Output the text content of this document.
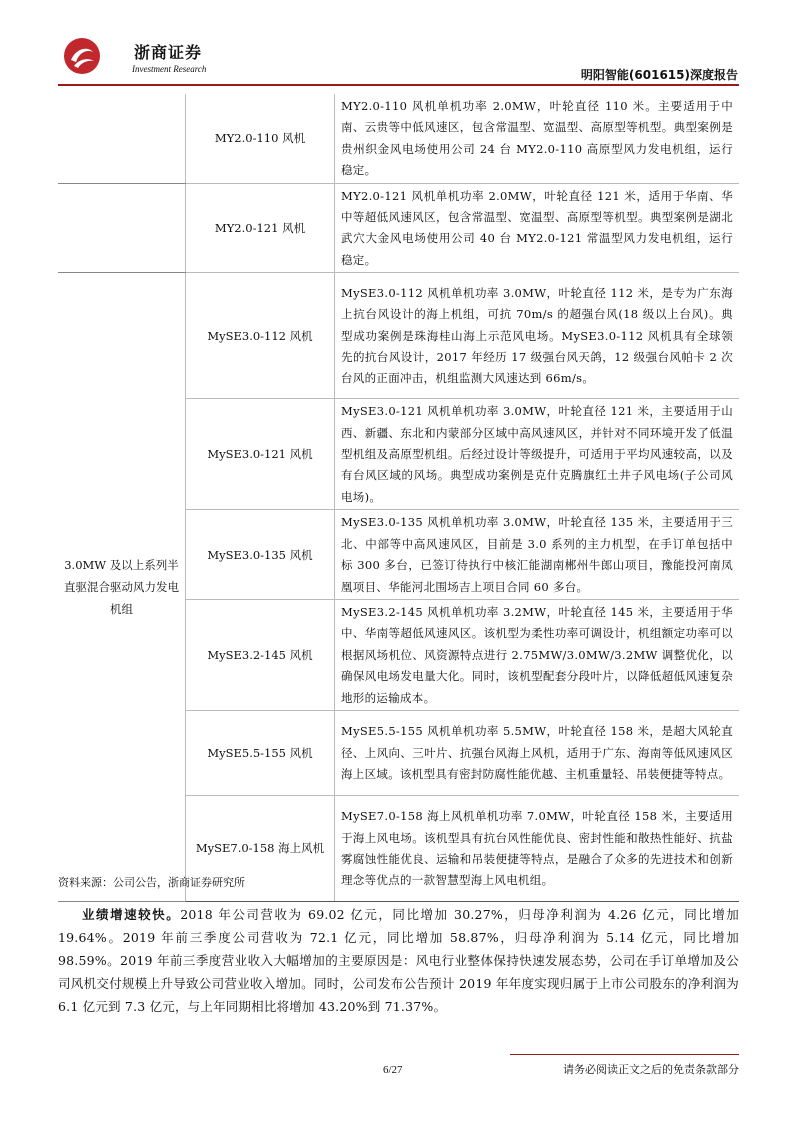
浙商证券
Investment Research	明阳智能(601615)深度报告
	MY2.0-110 风机	MY2.0-110 风机单机功率 2.0MW，叶轮直径 110 米。主要适用于中南、云贵等中低风速区，包含常温型、宽温型、高原型等机型。典型案例是贵州织金风电场使用公司 24 台 MY2.0-110 高原型风力发电机组，运行稳定。
	MY2.0-121 风机	MY2.0-121 风机单机功率 2.0MW，叶轮直径 121 米，适用于华南、华中等超低风速风区，包含常温型、宽温型、高原型等机型。典型案例是湖北武穴大金风电场使用公司 40 台 MY2.0-121 常温型风力发电机组，运行稳定。
3.0MW 及以上系列半直驱混合驱动风力发电机组	MySE3.0-112 风机	MySE3.0-112 风机单机功率 3.0MW，叶轮直径 112 米，是专为广东海上抗台风设计的海上机组，可抗 70m/s 的超强台风(18 级以上台风)。典型成功案例是珠海桂山海上示范风电场。MySE3.0-112 风机具有全球领先的抗台风设计，2017 年经历 17 级强台风天鸽，12 级强台风帕卡 2 次台风的正面冲击，机组监测大风速达到 66m/s。
	MySE3.0-121 风机	MySE3.0-121 风机单机功率 3.0MW，叶轮直径 121 米，主要适用于山西、新疆、东北和内蒙部分区域中高风速风区，并针对不同环境开发了低温型机组及高原型机组。后经过设计等级提升，可适用于平均风速较高，以及有台风区域的风场。典型成功案例是克什克腾旗红土井子风电场(子公司风电场)。
	MySE3.0-135 风机	MySE3.0-135 风机单机功率 3.0MW，叶轮直径 135 米，主要适用于三北、中部等中高风速风区，目前是 3.0 系列的主力机型，在手订单包括中标 300 多台，已签订待执行中核汇能湖南郴州牛郎山项目，豫能投河南凤凰项目、华能河北围场吉上项目合同 60 多台。
	MySE3.2-145 风机	MySE3.2-145 风机单机功率 3.2MW，叶轮直径 145 米，主要适用于华中、华南等超低风速风区。该机型为柔性功率可调设计，机组额定功率可以根据风场机位、风资源特点进行 2.75MW/3.0MW/3.2MW 调整优化，以确保风电场发电量大化。同时，该机型配套分段叶片，以降低超低风速复杂地形的运输成本。
	MySE5.5-155 风机	MySE5.5-155 风机单机功率 5.5MW，叶轮直径 158 米，是超大风轮直径、上风向、三叶片、抗强台风海上风机，适用于广东、海南等低风速风区海上区域。该机型具有密封防腐性能优越、主机重量轻、吊装便捷等特点。
	MySE7.0-158 海上风机	MySE7.0-158 海上风机单机功率 7.0MW，叶轮直径 158 米，主要适用于海上风电场。该机型具有抗台风性能优良、密封性能和散热性能好、抗盐雾腐蚀性能优良、运输和吊装便捷等特点，是融合了众多的先进技术和创新理念等优点的一款智慧型海上风电机组。
资料来源：公司公告，浙商证券研究所

业绩增速较快。2018 年公司营收为 69.02 亿元，同比增加 30.27%，归母净利润为 4.26 亿元，同比增加 19.64%。2019 年前三季度公司营收为 72.1 亿元，同比增加 58.87%，归母净利润为 5.14 亿元，同比增加 98.59%。2019 年前三季度营业收入大幅增加的主要原因是：风电行业整体保持快速发展态势，公司在手订单增加及公司风机交付规模上升导致公司营业收入增加。同时，公司发布公告预计 2019 年年度实现归属于上市公司股东的净利润为 6.1 亿元到 7.3 亿元，与上年同期相比将增加 43.20%到 71.37%。

6/27	请务必阅读正文之后的免责条款部分
